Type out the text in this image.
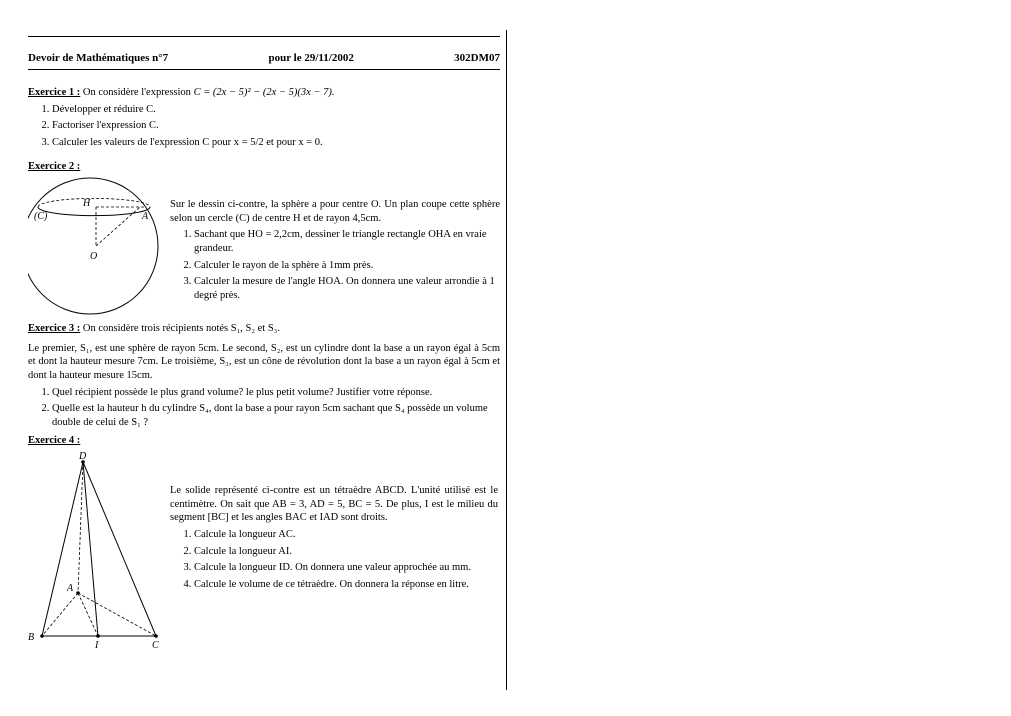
Devoir de Mathématiques n°7	pour le 29/11/2002	302DM07

Exercice 1 : On considère l'expression C = (2x − 5)² − (2x − 5)(3x − 7).

1. Développer et réduire C.
2. Factoriser l'expression C.
3. Calculer les valeurs de l'expression C pour x = 5/2 et pour x = 0.

Exercice 2 :

H
(C)	A
O

Sur le dessin ci-contre, la sphère a pour centre O. Un plan coupe cette sphère selon un cercle (C) de centre H et de rayon 4,5cm.

1. Sachant que HO = 2,2cm, dessiner le triangle rectangle OHA en vraie grandeur.
2. Calculer le rayon de la sphère à 1mm près.
3. Calculer la mesure de l'angle HOA. On donnera une valeur arrondie à 1 degré près.

Exercice 3 : On considère trois récipients notés S₁, S₂ et S₃.

Le premier, S₁, est une sphère de rayon 5cm. Le second, S₂, est un cylindre dont la base a un rayon égal à 5cm et dont la hauteur mesure 7cm. Le troisième, S₃, est un cône de révolution dont la base a un rayon égal à 5cm et dont la hauteur mesure 15cm.

1. Quel récipient possède le plus grand volume? le plus petit volume? Justifier votre réponse.
2. Quelle est la hauteur h du cylindre S₄, dont la base a pour rayon 5cm sachant que S₄ possède un volume double de celui de S₁ ?

Exercice 4 :

D
A
B
I	C

Le solide représenté ci-contre est un tétraèdre ABCD. L'unité utilisé est le centimètre. On sait que AB = 3, AD = 5, BC = 5. De plus, I est le milieu du segment [BC] et les angles BAC et IAD sont droits.

1. Calcule la longueur AC.
2. Calcule la longueur AI.
3. Calcule la longueur ID. On donnera une valeur approchée au mm.
4. Calcule le volume de ce tétraèdre. On donnera la réponse en litre.
